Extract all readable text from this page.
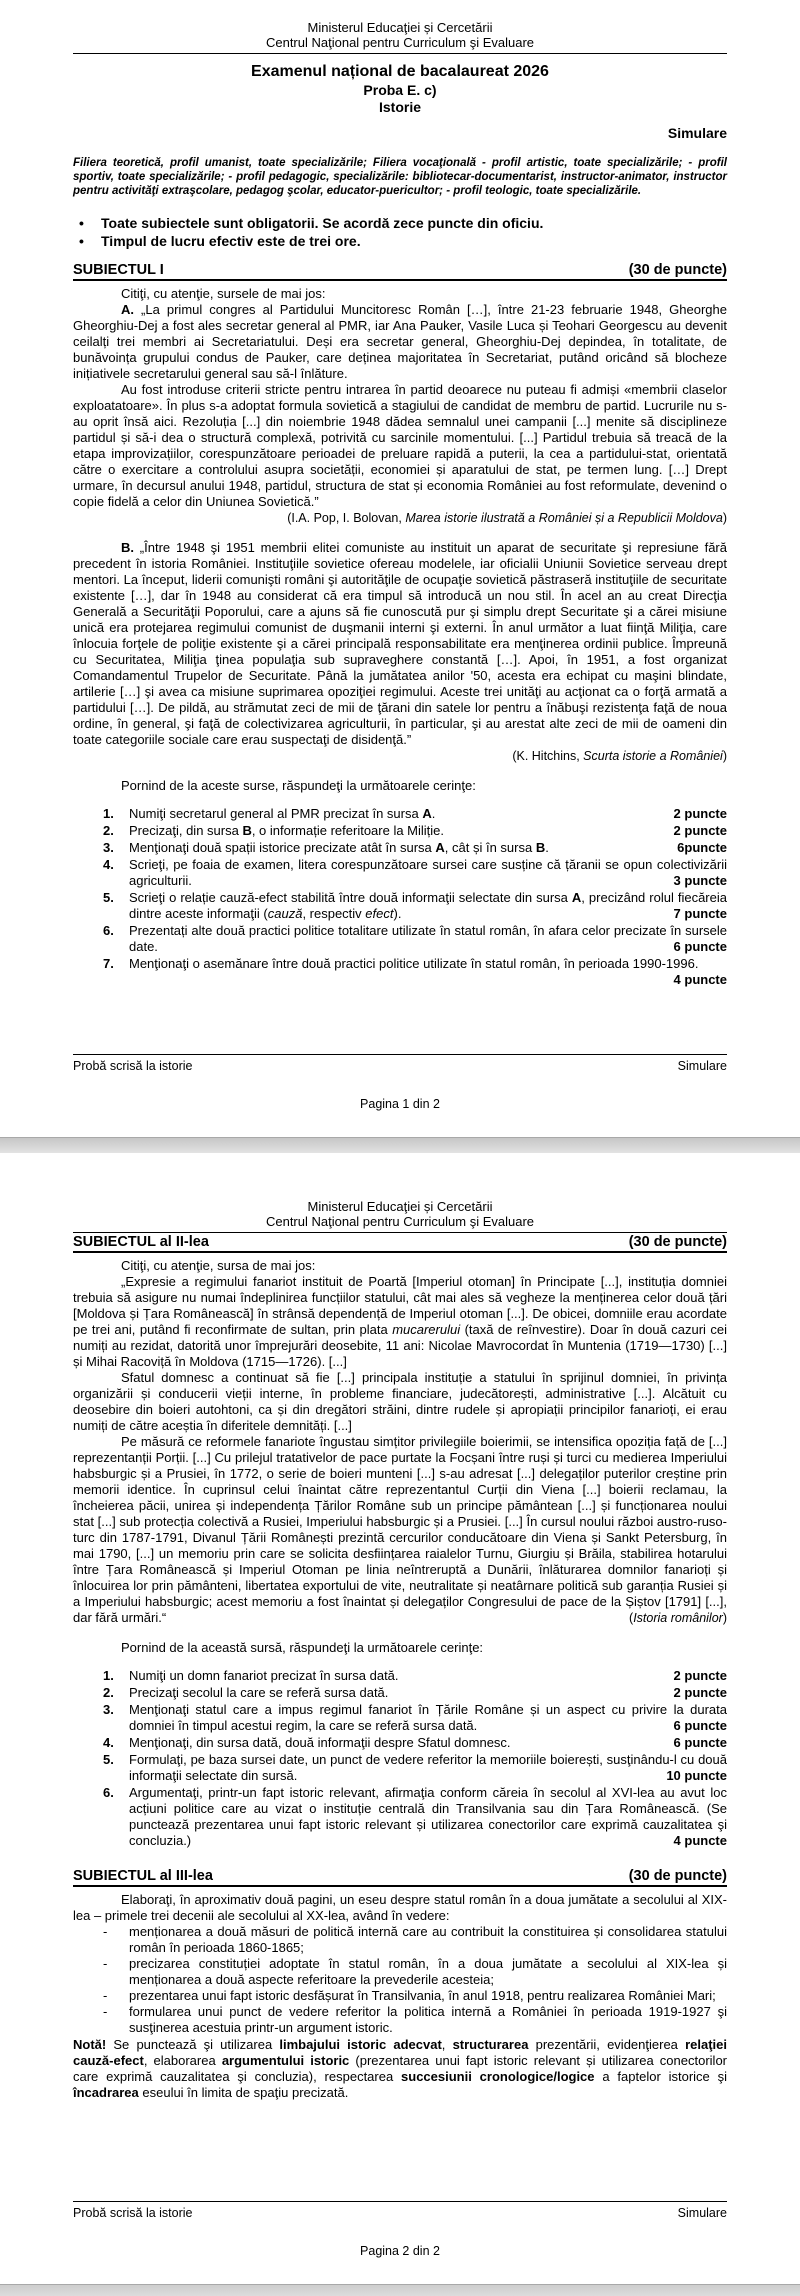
Ministerul Educaţiei și Cercetării
Centrul Naţional pentru Curriculum şi Evaluare
Examenul național de bacalaureat 2026
Proba E. c)
Istorie
Simulare
Filiera teoretică, profil umanist, toate specializările; Filiera vocaţională - profil artistic, toate specializările; - profil sportiv, toate specializările; - profil pedagogic, specializările: bibliotecar-documentarist, instructor-animator, instructor pentru activităţi extraşcolare, pedagog şcolar, educator-puericultor; - profil teologic, toate specializările.
•	Toate subiectele sunt obligatorii. Se acordă zece puncte din oficiu.
•	Timpul de lucru efectiv este de trei ore.
SUBIECTUL I	(30 de puncte)

Citiţi, cu atenţie, sursele de mai jos:

A. „La primul congres al Partidului Muncitoresc Român […], între 21-23 februarie 1948, Gheorghe Gheorghiu-Dej a fost ales secretar general al PMR, iar Ana Pauker, Vasile Luca și Teohari Georgescu au devenit ceilalți trei membri ai Secretariatului. Deși era secretar general, Gheorghiu-Dej depindea, în totalitate, de bunăvoința grupului condus de Pauker, care deținea majoritatea în Secretariat, putând oricând să blocheze inițiativele secretarului general sau să-l înlăture.

Au fost introduse criterii stricte pentru intrarea în partid deoarece nu puteau fi admiși «membrii claselor exploatatoare». În plus s-a adoptat formula sovietică a stagiului de candidat de membru de partid. Lucrurile nu s-au oprit însă aici. Rezoluția [...] din noiembrie 1948 dădea semnalul unei campanii [...] menite să disciplineze partidul și să-i dea o structură complexă, potrivită cu sarcinile momentului. [...] Partidul trebuia să treacă de la etapa improvizațiilor, corespunzătoare perioadei de preluare rapidă a puterii, la cea a partidului-stat, orientată către o exercitare a controlului asupra societății, economiei și aparatului de stat, pe termen lung. […] Drept urmare, în decursul anului 1948, partidul, structura de stat și economia României au fost reformulate, devenind o copie fidelă a celor din Uniunea Sovietică.”

(I.A. Pop, I. Bolovan, Marea istorie ilustrată a României și a Republicii Moldova)

B. „Între 1948 şi 1951 membrii elitei comuniste au instituit un aparat de securitate şi represiune fără precedent în istoria României. Instituţiile sovietice ofereau modelele, iar oficialii Uniunii Sovietice serveau drept mentori. La început, liderii comunişti români şi autorităţile de ocupaţie sovietică păstraseră instituţiile de securitate existente […], dar în 1948 au considerat că era timpul să introducă un nou stil. În acel an au creat Direcţia Generală a Securităţii Poporului, care a ajuns să fie cunoscută pur şi simplu drept Securitate şi a cărei misiune unică era protejarea regimului comunist de duşmanii interni şi externi. În anul următor a luat fiinţă Miliţia, care înlocuia forţele de poliţie existente şi a cărei principală responsabilitate era menţinerea ordinii publice. Împreună cu Securitatea, Miliţia ţinea populaţia sub supraveghere constantă […]. Apoi, în 1951, a fost organizat Comandamentul Trupelor de Securitate. Până la jumătatea anilor '50, acesta era echipat cu maşini blindate, artilerie […] şi avea ca misiune suprimarea opoziţiei regimului. Aceste trei unităţi au acţionat ca o forţă armată a partidului […]. De pildă, au strămutat zeci de mii de ţărani din satele lor pentru a înăbuşi rezistenţa faţă de noua ordine, în general, şi faţă de colectivizarea agriculturii, în particular, şi au arestat alte zeci de mii de oameni din toate categoriile sociale care erau suspectaţi de disidenţă.”

(K. Hitchins, Scurta istorie a României)

Pornind de la aceste surse, răspundeţi la următoarele cerinţe:

1.	Numiţi secretarul general al PMR precizat în sursa A.	2 puncte
2.	Precizaţi, din sursa B, o informație referitoare la Miliție.	2 puncte
3.	Menţionaţi două spații istorice precizate atât în sursa A, cât și în sursa B.	6puncte
4.	Scrieţi, pe foaia de examen, litera corespunzătoare sursei care susține că țăranii se opun colectivizării agriculturii.	3 puncte
5.	Scrieţi o relație cauză-efect stabilită între două informaţii selectate din sursa A, precizând rolul fiecăreia dintre aceste informaţii (cauză, respectiv efect).	7 puncte
6.	Prezentați alte două practici politice totalitare utilizate în statul român, în afara celor precizate în sursele date.	6 puncte
7.	Menţionaţi o asemănare între două practici politice utilizate în statul român, în perioada 1990-1996.
4 puncte
Probă scrisă la istorie	Simulare
Pagina 1 din 2
Ministerul Educaţiei și Cercetării
Centrul Naţional pentru Curriculum şi Evaluare
SUBIECTUL al II-lea	(30 de puncte)

Citiţi, cu atenţie, sursa de mai jos:

„Expresie a regimului fanariot instituit de Poartă [Imperiul otoman] în Principate [...], instituția domniei trebuia să asigure nu numai îndeplinirea funcțiilor statului, cât mai ales să vegheze la menținerea celor două țări [Moldova și Țara Românească] în strânsă dependență de Imperiul otoman [...]. De obicei, domniile erau acordate pe trei ani, putând fi reconfirmate de sultan, prin plata mucarerului (taxă de reînvestire). Doar în două cazuri cei numiți au rezidat, datorită unor împrejurări deosebite, 11 ani: Nicolae Mavrocordat în Muntenia (1719—1730) [...] și Mihai Racoviță în Moldova (1715—1726). [...]

Sfatul domnesc a continuat să fie [...] principala instituție a statului în sprijinul domniei, în privința organizării și conducerii vieții interne, în probleme financiare, judecătorești, administrative [...]. Alcătuit cu deosebire din boieri autohtoni, ca și din dregători străini, dintre rudele și apropiații principilor fanarioți, ei erau numiți de către aceștia în diferitele demnități. [...]

Pe măsură ce reformele fanariote îngustau simțitor privilegiile boierimii, se intensifica opoziția față de [...] reprezentanții Porții. [...] Cu prilejul tratativelor de pace purtate la Focșani între ruși și turci cu medierea Imperiului habsburgic și a Prusiei, în 1772, o serie de boieri munteni [...] s-au adresat [...] delegaților puterilor creștine prin memorii identice. În cuprinsul celui înaintat către reprezentantul Curții din Viena [...] boierii reclamau, la încheierea păcii, unirea și independența Țărilor Române sub un principe pământean [...] și funcționarea noului stat [...] sub protecția colectivă a Rusiei, Imperiului habsburgic și a Prusiei. [...] În cursul noului război austro-ruso-turc din 1787-1791, Divanul Țării Românești prezintă cercurilor conducătoare din Viena și Sankt Petersburg, în mai 1790, [...] un memoriu prin care se solicita desființarea raialelor Turnu, Giurgiu și Brăila, stabilirea hotarului între Țara Românească și Imperiul Otoman pe linia neîntreruptă a Dunării, înlăturarea domnilor fanarioți și înlocuirea lor prin pământeni, libertatea exportului de vite, neutralitate și neatârnare politică sub garanția Rusiei și a Imperiului habsburgic; acest memoriu a fost înaintat și delegaților Congresului de pace de la Șiștov [1791] [...], dar fără urmări.“	(Istoria românilor)

Pornind de la această sursă, răspundeţi la următoarele cerinţe:

1.	Numiţi un domn fanariot precizat în sursa dată.	2 puncte
2.	Precizaţi secolul la care se referă sursa dată.	2 puncte
3.	Menţionaţi statul care a impus regimul fanariot în Țările Române și un aspect cu privire la durata domniei în timpul acestui regim, la care se referă sursa dată.	6 puncte
4.	Menţionaţi, din sursa dată, două informaţii despre Sfatul domnesc.	6 puncte
5.	Formulaţi, pe baza sursei date, un punct de vedere referitor la memoriile boierești, susţinându-l cu două informaţii selectate din sursă.	10 puncte
6.	Argumentaţi, printr-un fapt istoric relevant, afirmaţia conform căreia în secolul al XVI-lea au avut loc acțiuni politice care au vizat o instituție centrală din Transilvania sau din Țara Românească. (Se punctează prezentarea unui fapt istoric relevant și utilizarea conectorilor care exprimă cauzalitatea şi concluzia.)	4 puncte
SUBIECTUL al III-lea	(30 de puncte)

Elaboraţi, în aproximativ două pagini, un eseu despre statul român în a doua jumătate a secolului al XIX-lea – primele trei decenii ale secolului al XX-lea, având în vedere:

-	menționarea a două măsuri de politică internă care au contribuit la constituirea și consolidarea statului român în perioada 1860-1865;
-	precizarea constituției adoptate în statul român, în a doua jumătate a secolului al XIX-lea și menționarea a două aspecte referitoare la prevederile acesteia;
-	prezentarea unui fapt istoric desfășurat în Transilvania, în anul 1918, pentru realizarea României Mari;
-	formularea unui punct de vedere referitor la politica internă a României în perioada 1919-1927 şi susţinerea acestuia printr-un argument istoric.

Notă! Se punctează şi utilizarea limbajului istoric adecvat, structurarea prezentării, evidenţierea relaţiei cauză-efect, elaborarea argumentului istoric (prezentarea unui fapt istoric relevant și utilizarea conectorilor care exprimă cauzalitatea şi concluzia), respectarea succesiunii cronologice/logice a faptelor istorice şi încadrarea eseului în limita de spaţiu precizată.

Probă scrisă la istorie	Simulare
Pagina 2 din 2
